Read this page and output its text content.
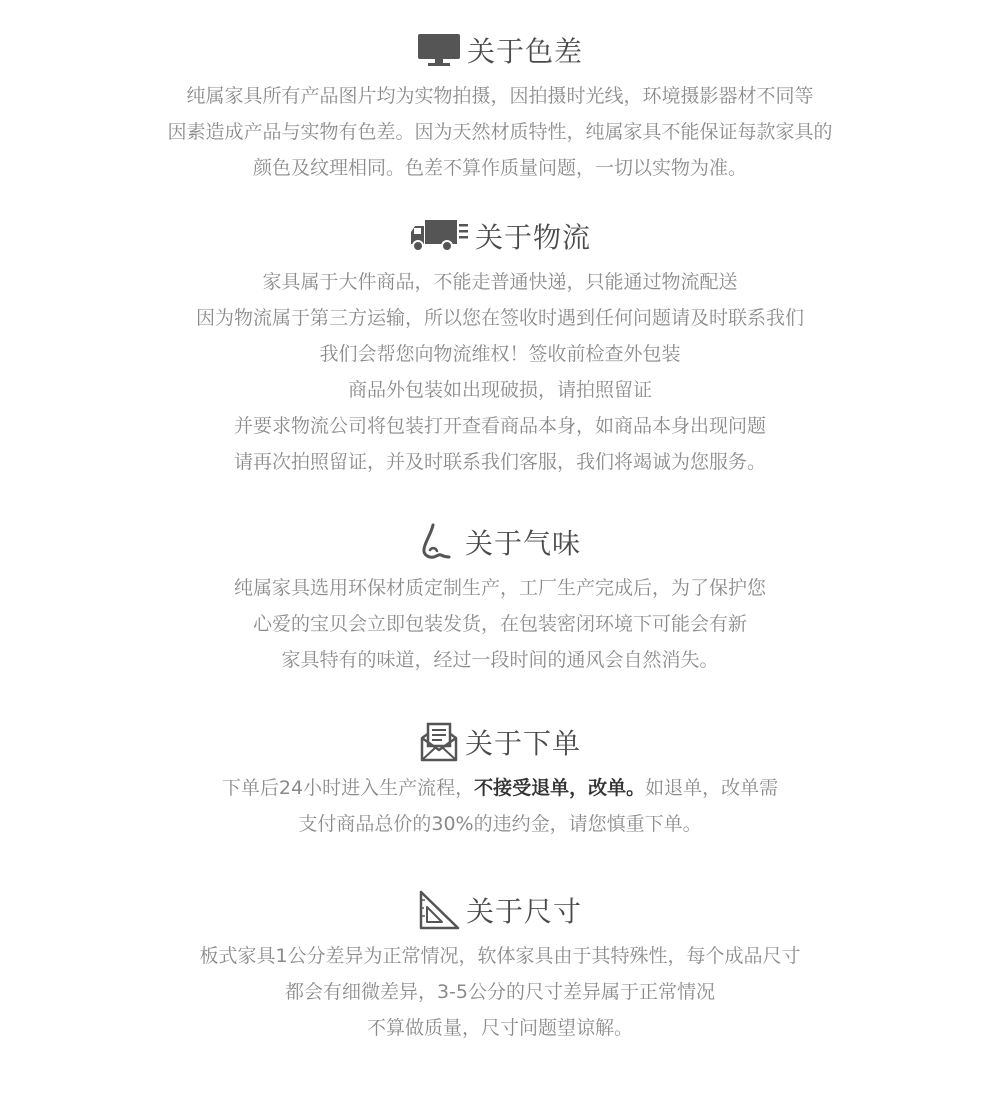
关于色差
纯属家具所有产品图片均为实物拍摄，因拍摄时光线，环境摄影器材不同等
因素造成产品与实物有色差。因为天然材质特性，纯属家具不能保证每款家具的
颜色及纹理相同。色差不算作质量问题，一切以实物为准。
关于物流
家具属于大件商品，不能走普通快递，只能通过物流配送
因为物流属于第三方运输，所以您在签收时遇到任何问题请及时联系我们
我们会帮您向物流维权！签收前检查外包装
商品外包装如出现破损，请拍照留证
并要求物流公司将包装打开查看商品本身，如商品本身出现问题
请再次拍照留证，并及时联系我们客服，我们将竭诚为您服务。
关于气味
纯属家具选用环保材质定制生产，工厂生产完成后，为了保护您
心爱的宝贝会立即包装发货，在包装密闭环境下可能会有新
家具特有的味道，经过一段时间的通风会自然消失。
关于下单
下单后24小时进入生产流程，不接受退单，改单。如退单，改单需
支付商品总价的30%的违约金，请您慎重下单。
关于尺寸
板式家具1公分差异为正常情况，软体家具由于其特殊性，每个成品尺寸
都会有细微差异，3-5公分的尺寸差异属于正常情况
不算做质量，尺寸问题望谅解。
